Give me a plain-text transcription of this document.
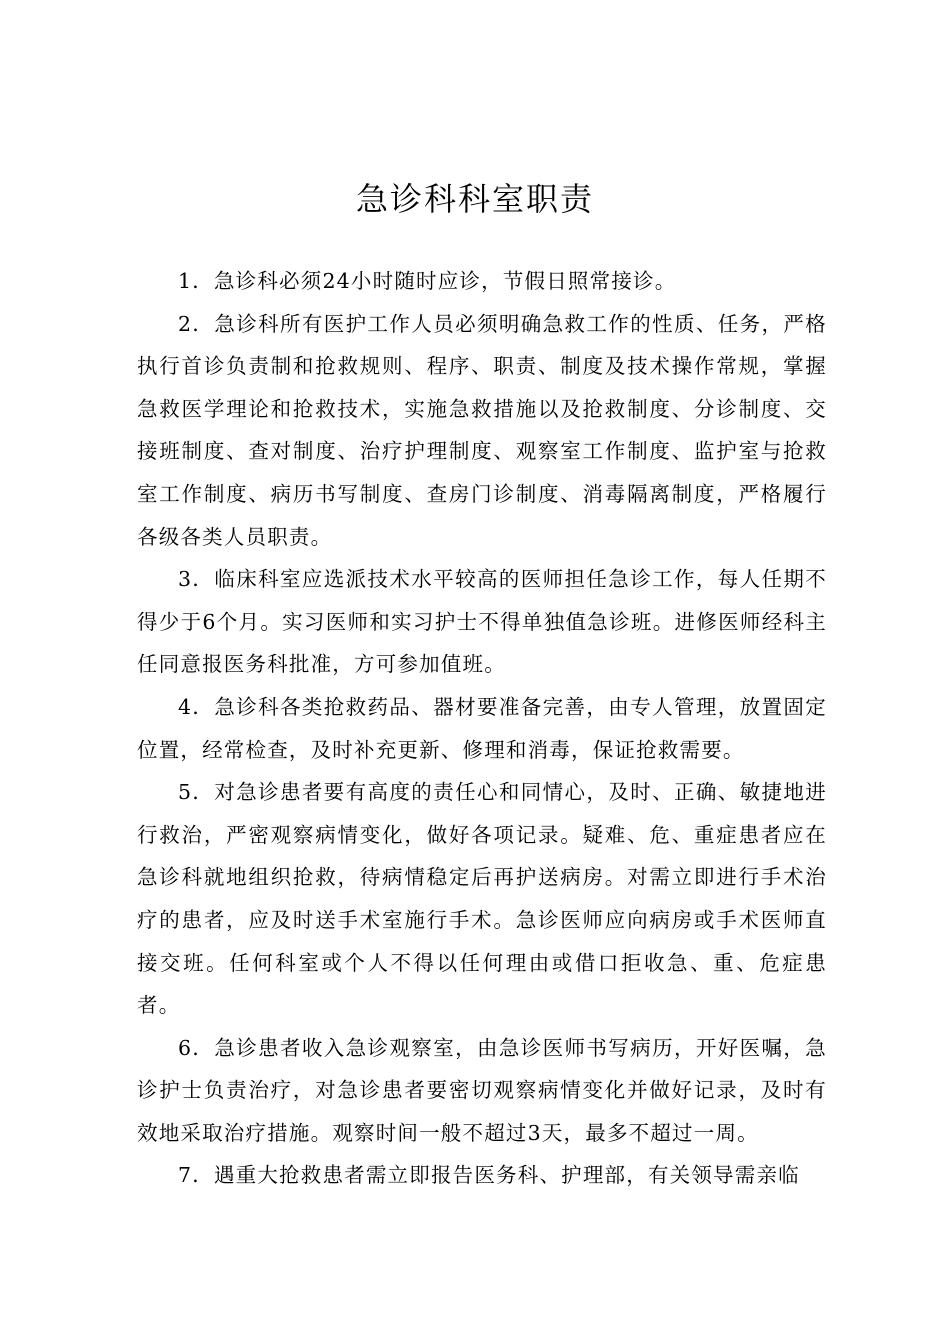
急诊科科室职责

1．急诊科必须24小时随时应诊，节假日照常接诊。

2．急诊科所有医护工作人员必须明确急救工作的性质、任务，严格执行首诊负责制和抢救规则、程序、职责、制度及技术操作常规，掌握急救医学理论和抢救技术，实施急救措施以及抢救制度、分诊制度、交接班制度、查对制度、治疗护理制度、观察室工作制度、监护室与抢救室工作制度、病历书写制度、查房门诊制度、消毒隔离制度，严格履行各级各类人员职责。

3．临床科室应选派技术水平较高的医师担任急诊工作，每人任期不得少于6个月。实习医师和实习护士不得单独值急诊班。进修医师经科主任同意报医务科批准，方可参加值班。

4．急诊科各类抢救药品、器材要准备完善，由专人管理，放置固定位置，经常检查，及时补充更新、修理和消毒，保证抢救需要。

5．对急诊患者要有高度的责任心和同情心，及时、正确、敏捷地进行救治，严密观察病情变化，做好各项记录。疑难、危、重症患者应在急诊科就地组织抢救，待病情稳定后再护送病房。对需立即进行手术治疗的患者，应及时送手术室施行手术。急诊医师应向病房或手术医师直接交班。任何科室或个人不得以任何理由或借口拒收急、重、危症患者。

6．急诊患者收入急诊观察室，由急诊医师书写病历，开好医嘱，急诊护士负责治疗，对急诊患者要密切观察病情变化并做好记录，及时有效地采取治疗措施。观察时间一般不超过3天，最多不超过一周。

7．遇重大抢救患者需立即报告医务科、护理部，有关领导需亲临
